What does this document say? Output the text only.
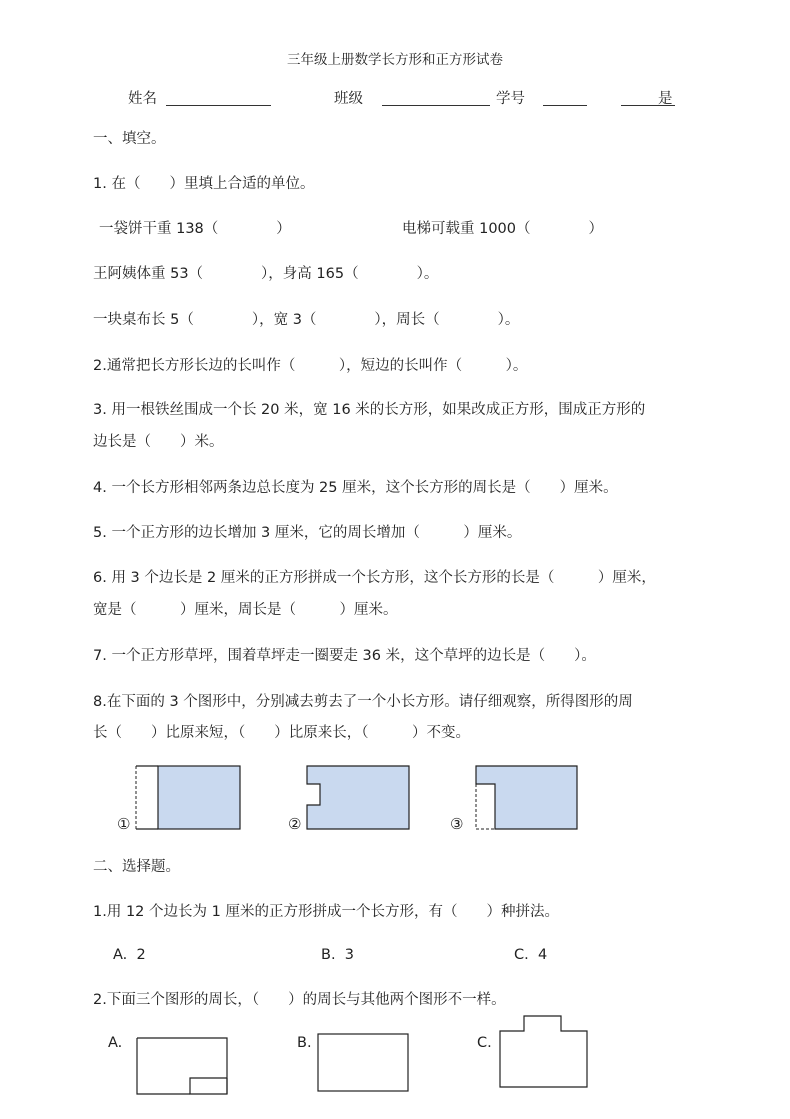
三年级上册数学长方形和正方形试卷
姓名	班级	学号	是
一、填空。
1. 在（　　）里填上合适的单位。
一袋饼干重 138（　　　　）	电梯可载重 1000（　　　　）
王阿姨体重 53（　　　　），身高 165（　　　　）。
一块桌布长 5（　　　　），宽 3（　　　　），周长（　　　　）。
2.通常把长方形长边的长叫作（　　　），短边的长叫作（　　　）。
3. 用一根铁丝围成一个长 20 米，宽 16 米的长方形，如果改成正方形，围成正方形的
边长是（　　）米。
4. 一个长方形相邻两条边总长度为 25 厘米，这个长方形的周长是（　　）厘米。
5. 一个正方形的边长增加 3 厘米，它的周长增加（　　　）厘米。
6. 用 3 个边长是 2 厘米的正方形拼成一个长方形，这个长方形的长是（　　　）厘米，
宽是（　　　）厘米，周长是（　　　）厘米。
7. 一个正方形草坪，围着草坪走一圈要走 36 米，这个草坪的边长是（　　）。
8.在下面的 3 个图形中，分别减去剪去了一个小长方形。请仔细观察，所得图形的周
长（　　）比原来短，（　　）比原来长，（　　　）不变。
①	②	③
二、选择题。
1.用 12 个边长为 1 厘米的正方形拼成一个长方形，有（　　）种拼法。
A.  2	B.  3	C.  4
2.下面三个图形的周长，（　　）的周长与其他两个图形不一样。
A.	B.	C.
